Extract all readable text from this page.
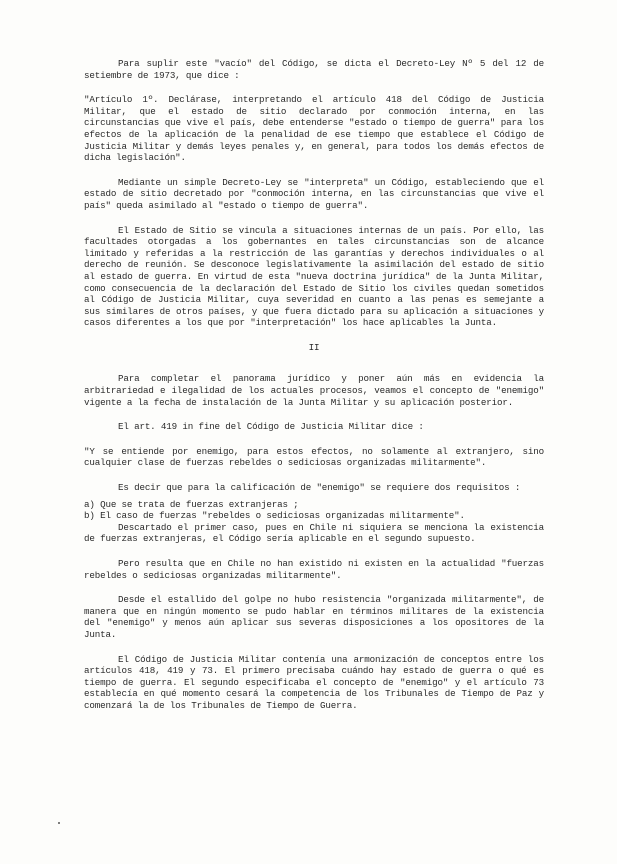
Para suplir este "vacío" del Código, se dicta el Decreto-Ley Nº 5 del 12 de setiembre de 1973, que dice :

"Artículo 1º. Declárase, interpretando el artículo 418 del Código de Justicia Militar, que el estado de sitio declarado por conmoción interna, en las circunstancias que vive el país, debe entenderse "estado o tiempo de guerra" para los efectos de la aplicación de la penalidad de ese tiempo que establece el Código de Justicia Militar y demás leyes penales y, en general, para todos los demás efectos de dicha legislación".

Mediante un simple Decreto-Ley se "interpreta" un Código, estableciendo que el estado de sitio decretado por "conmoción interna, en las circunstancias que vive el país" queda asimilado al "estado o tiempo de guerra".

El Estado de Sitio se vincula a situaciones internas de un país. Por ello, las facultades otorgadas a los gobernantes en tales circunstancias son de alcance limitado y referidas a la restricción de las garantías y derechos individuales o al derecho de reunión. Se desconoce legislativamente la asimilación del estado de sitio al estado de guerra. En virtud de esta "nueva doctrina jurídica" de la Junta Militar, como consecuencia de la declaración del Estado de Sitio los civiles quedan sometidos al Código de Justicia Militar, cuya severidad en cuanto a las penas es semejante a sus similares de otros países, y que fuera dictado para su aplicación a situaciones y casos diferentes a los que por "interpretación" los hace aplicables la Junta.

II

Para completar el panorama jurídico y poner aún más en evidencia la arbitrariedad e ilegalidad de los actuales procesos, veamos el concepto de "enemigo" vigente a la fecha de instalación de la Junta Militar y su aplicación posterior.

El art. 419 in fine del Código de Justicia Militar dice :

"Y se entiende por enemigo, para estos efectos, no solamente al extranjero, sino cualquier clase de fuerzas rebeldes o sediciosas organizadas militarmente".

Es decir que para la calificación de "enemigo" se requiere dos requisitos :

a) Que se trata de fuerzas extranjeras ;

b) El caso de fuerzas "rebeldes o sediciosas organizadas militarmente".

Descartado el primer caso, pues en Chile ni siquiera se menciona la existencia de fuerzas extranjeras, el Código sería aplicable en el segundo supuesto.

Pero resulta que en Chile no han existido ni existen en la actualidad "fuerzas rebeldes o sediciosas organizadas militarmente".

Desde el estallido del golpe no hubo resistencia "organizada militarmente", de manera que en ningún momento se pudo hablar en términos militares de la existencia del "enemigo" y menos aún aplicar sus severas disposiciones a los opositores de la Junta.

El Código de Justicia Militar contenía una armonización de conceptos entre los artículos 418, 419 y 73. El primero precisaba cuándo hay estado de guerra o qué es tiempo de guerra. El segundo especificaba el concepto de "enemigo" y el artículo 73 establecía en qué momento cesará la competencia de los Tribunales de Tiempo de Paz y comenzará la de los Tribunales de Tiempo de Guerra.
